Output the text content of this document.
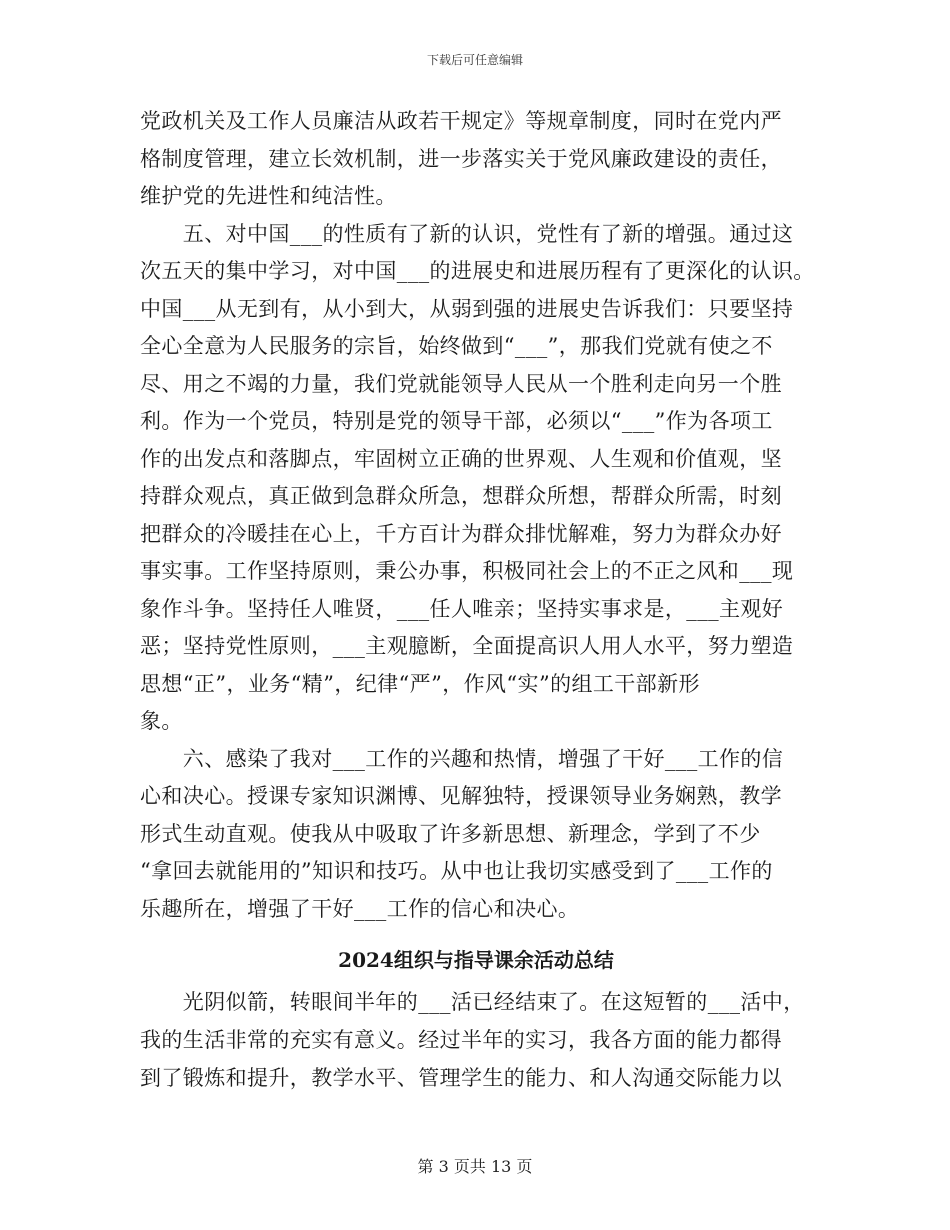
下载后可任意编辑
党政机关及工作人员廉洁从政若干规定》等规章制度，同时在党内严
格制度管理，建立长效机制，进一步落实关于党风廉政建设的责任，
维护党的先进性和纯洁性。
　　五、对中国___的性质有了新的认识，党性有了新的增强。通过这
次五天的集中学习，对中国___的进展史和进展历程有了更深化的认识。
中国___从无到有，从小到大，从弱到强的进展史告诉我们：只要坚持
全心全意为人民服务的宗旨，始终做到“___”，那我们党就有使之不
尽、用之不竭的力量，我们党就能领导人民从一个胜利走向另一个胜
利。作为一个党员，特别是党的领导干部，必须以“___”作为各项工
作的出发点和落脚点，牢固树立正确的世界观、人生观和价值观，坚
持群众观点，真正做到急群众所急，想群众所想，帮群众所需，时刻
把群众的冷暖挂在心上，千方百计为群众排忧解难，努力为群众办好
事实事。工作坚持原则，秉公办事，积极同社会上的不正之风和___现
象作斗争。坚持任人唯贤，___任人唯亲；坚持实事求是，___主观好
恶；坚持党性原则，___主观臆断，全面提高识人用人水平，努力塑造
思想“正”，业务“精”，纪律“严”，作风“实”的组工干部新形
象。
　　六、感染了我对___工作的兴趣和热情，增强了干好___工作的信
心和决心。授课专家知识渊博、见解独特，授课领导业务娴熟，教学
形式生动直观。使我从中吸取了许多新思想、新理念，学到了不少
“拿回去就能用的”知识和技巧。从中也让我切实感受到了___工作的
乐趣所在，增强了干好___工作的信心和决心。
2024组织与指导课余活动总结
　　光阴似箭，转眼间半年的___活已经结束了。在这短暂的___活中，
我的生活非常的充实有意义。经过半年的实习，我各方面的能力都得
到了锻炼和提升，教学水平、管理学生的能力、和人沟通交际能力以
第 3 页共 13 页
